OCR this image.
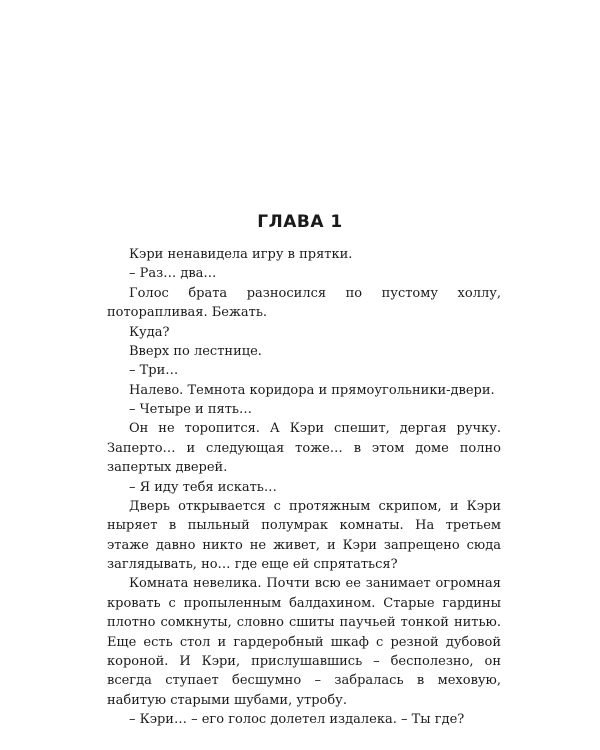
ГЛАВА 1

Кэри ненавидела игру в прятки.

– Раз… два…

Голос брата разносился по пустому холлу, поторапливая. Бежать.

Куда?

Вверх по лестнице.

– Три…

Налево. Темнота коридора и прямоугольники-двери.

– Четыре и пять…

Он не торопится. А Кэри спешит, дергая ручку. Заперто… и следующая тоже… в этом доме полно запертых дверей.

– Я иду тебя искать…

Дверь открывается с протяжным скрипом, и Кэри ныряет в пыльный полумрак комнаты. На третьем этаже давно никто не живет, и Кэри запрещено сюда заглядывать, но… где еще ей спрятаться?

Комната невелика. Почти всю ее занимает огромная кровать с пропыленным балдахином. Старые гардины плотно сомкнуты, словно сшиты паучьей тонкой нитью. Еще есть стол и гардеробный шкаф с резной дубовой короной. И Кэри, прислушавшись – бесполезно, он всегда ступает бесшумно – забралась в меховую, набитую старыми шубами, утробу.

– Кэри… – его голос долетел издалека. – Ты где?
